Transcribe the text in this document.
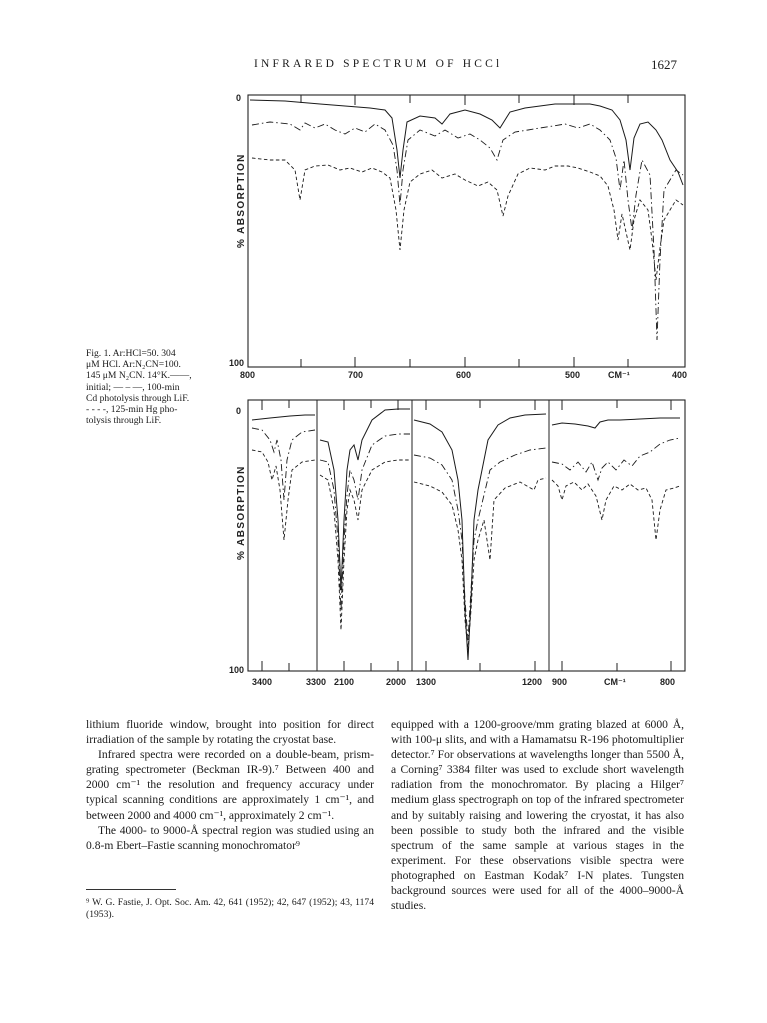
INFRARED SPECTRUM OF HCCl	1627
0
100
800	700	600	500	CM⁻¹	400
% ABSORPTION
0
100
% ABSORPTION
3400	3300 2100	2000 1300	1200 900	CM⁻¹	800
Fig. 1. Ar:HCl=50. 304
μM HCl. Ar:N₂CN=100.
145 μM N₂CN. 14°K.——,
initial; — – —, 100-min
Cd photolysis through LiF.
- - - -, 125-min Hg pho-
tolysis through LiF.

lithium fluoride window, brought into position for direct irradiation of the sample by rotating the cryostat base.

Infrared spectra were recorded on a double-beam, prism-grating spectrometer (Beckman IR-9).⁷ Between 400 and 2000 cm⁻¹ the resolution and frequency accuracy under typical scanning conditions are approximately 1 cm⁻¹, and between 2000 and 4000 cm⁻¹, approximately 2 cm⁻¹.

The 4000- to 9000-Å spectral region was studied using an 0.8-m Ebert–Fastie scanning monochromator⁹

⁹ W. G. Fastie, J. Opt. Soc. Am. 42, 641 (1952); 42, 647 (1952); 43, 1174 (1953).

equipped with a 1200-groove/mm grating blazed at 6000 Å, with 100-μ slits, and with a Hamamatsu R-196 photomultiplier detector.⁷ For observations at wavelengths longer than 5500 Å, a Corning⁷ 3384 filter was used to exclude short wavelength radiation from the monochromator. By placing a Hilger⁷ medium glass spectrograph on top of the infrared spectrometer and by suitably raising and lowering the cryostat, it has also been possible to study both the infrared and the visible spectrum of the same sample at various stages in the experiment. For these observations visible spectra were photographed on Eastman Kodak⁷ I-N plates. Tungsten background sources were used for all of the 4000–9000-Å studies.
